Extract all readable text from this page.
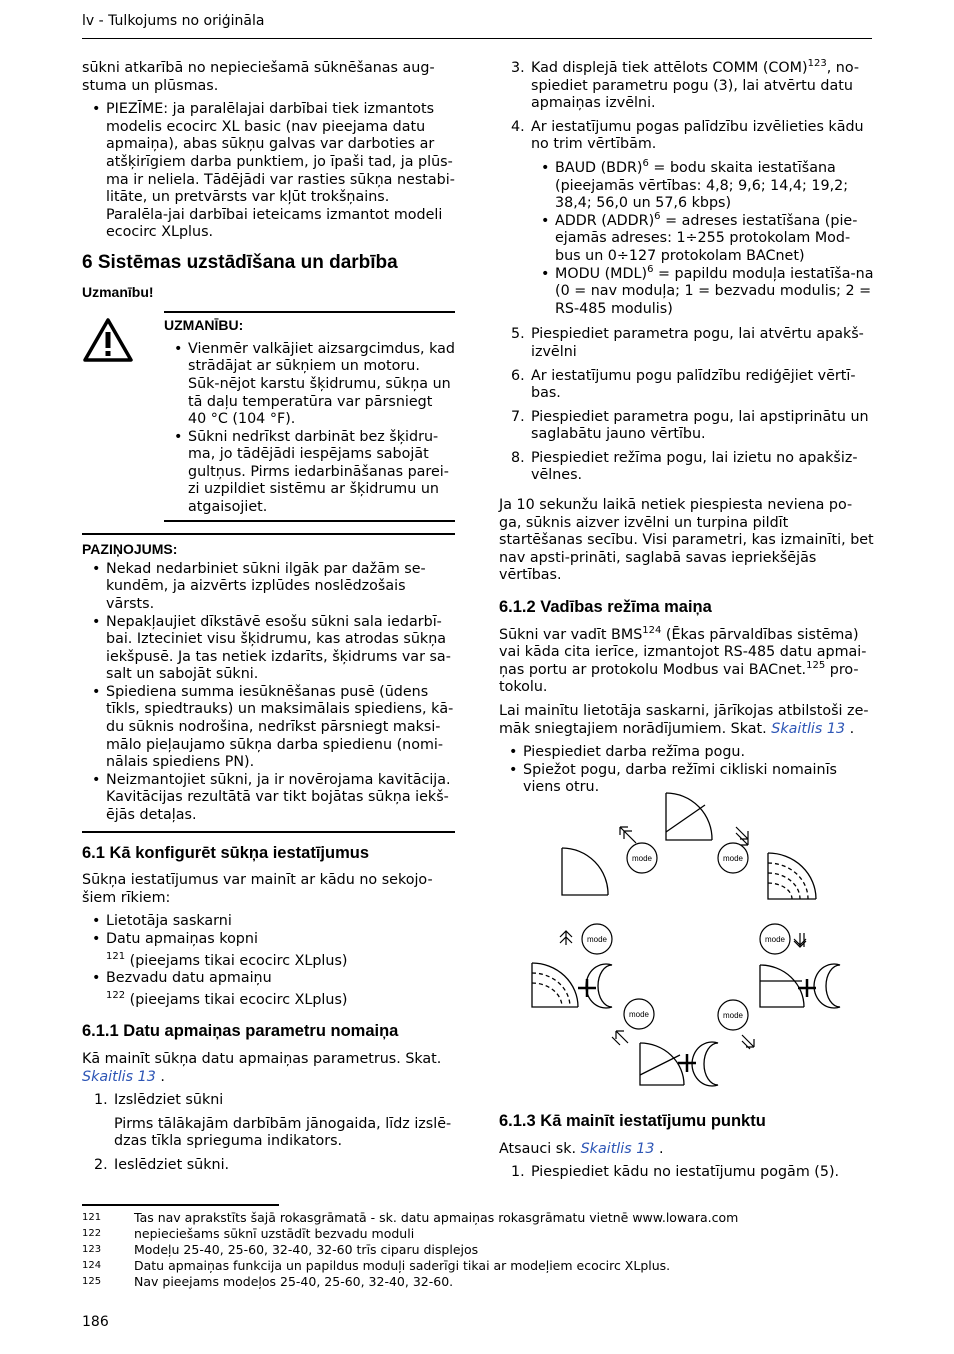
lv - Tulkojums no oriģināla

sūkni atkarībā no nepieciešamā sūknēšanas aug-stuma un plūsmas.

• PIEZĪME: ja paralēlajai darbībai tiek izmantots modelis ecocirc XL basic (nav pieejama datu apmaiņa), abas sūkņu galvas var darboties ar atšķirīgiem darba punktiem, jo īpaši tad, ja plūs-ma ir neliela. Tādējādi var rasties sūkņa nestabi-litāte, un pretvārsts var kļūt trokšņains. Paralēla-jai darbībai ieteicams izmantot modeli ecocirc XLplus.
6 Sistēmas uzstādīšana un darbība
Uzmanību!
UZMANĪBU:
• Vienmēr valkājiet aizsargcimdus, kad strādājat ar sūkņiem un motoru. Sūk-nējot karstu šķidrumu, sūkņa un tā daļu temperatūra var pārsniegt 40 °C (104 °F).
• Sūkni nedrīkst darbināt bez šķidru-ma, jo tādējādi iespējams sabojāt gultņus. Pirms iedarbināšanas parei-zi uzpildiet sistēmu ar šķidrumu un atgaisojiet.
PAZIŅOJUMS:
• Nekad nedarbiniet sūkni ilgāk par dažām se-kundēm, ja aizvērts izplūdes noslēdzošais vārsts.
• Nepakļaujiet dīkstāvē esošu sūkni sala iedarbī-bai. Izteciniet visu šķidrumu, kas atrodas sūkņa iekšpusē. Ja tas netiek izdarīts, šķidrums var sa-salt un sabojāt sūkni.
• Spiediena summa iesūknēšanas pusē (ūdens tīkls, spiedtrauks) un maksimālais spiediens, kā-du sūknis nodrošina, nedrīkst pārsniegt maksi-mālo pieļaujamo sūkņa darba spiedienu (nomi-nālais spiediens PN).
• Neizmantojiet sūkni, ja ir novērojama kavitācija. Kavitācijas rezultātā var tikt bojātas sūkņa iekš-ējās detaļas.
6.1 Kā konfigurēt sūkņa iestatījumus

Sūkņa iestatījumus var mainīt ar kādu no sekojo-šiem rīkiem:

• Lietotāja saskarni
• Datu apmaiņas kopni
$^{121}$ (pieejams tikai ecocirc XLplus)
• Bezvadu datu apmaiņu
$^{122}$ (pieejams tikai ecocirc XLplus)
6.1.1 Datu apmaiņas parametru nomaiņa

Kā mainīt sūkņa datu apmaiņas parametrus. Skat. Skaitlis 13 .

1. Izslēdziet sūkni
Pirms tālākajām darbībām jānogaida, līdz izslē-dzas tīkla sprieguma indikators.
2. Ieslēdziet sūkni.
3. Kad displejā tiek attēlots COMM (COM)$^{123}$, no-spiediet parametru pogu (3), lai atvērtu datu apmaiņas izvēlni.
4. Ar iestatījumu pogas palīdzību izvēlieties kādu no trim vērtībām.
• BAUD (BDR)$^6$ = bodu skaita iestatīšana (pieejamās vērtības: 4,8; 9,6; 14,4; 19,2; 38,4; 56,0 un 57,6 kbps)
• ADDR (ADDR)$^6$ = adreses iestatīšana (pie-ejamās adreses: 1÷255 protokolam Mod-bus un 0÷127 protokolam BACnet)
• MODU (MDL)$^6$ = papildu moduļa iestatīša-na (0 = nav moduļa; 1 = bezvadu modulis; 2 = RS-485 modulis)
5. Piespiediet parametra pogu, lai atvērtu apakš-izvēlni
6. Ar iestatījumu pogu palīdzību rediģējiet vērtī-bas.
7. Piespiediet parametra pogu, lai apstiprinātu un saglabātu jauno vērtību.
8. Piespiediet režīma pogu, lai izietu no apakšiz-vēlnes.

Ja 10 sekunžu laikā netiek piespiesta neviena po-ga, sūknis aizver izvēlni un turpina pildīt startēšanas secību. Visi parametri, kas izmainīti, bet nav apsti-prināti, saglabā savas iepriekšējās vērtības.

6.1.2 Vadības režīma maiņa

Sūkni var vadīt BMS$^{124}$ (Ēkas pārvaldības sistēma) vai kāda cita ierīce, izmantojot RS-485 datu apmai-ņas portu ar protokolu Modbus vai BACnet.$^{125}$ pro-tokolu.

Lai mainītu lietotāja saskarni, jārīkojas atbilstoši ze-māk sniegtajiem norādījumiem. Skat. Skaitlis 13 .

• Piespiediet darba režīma pogu.
• Spiežot pogu, darba režīmi cikliski nomainīs viens otru.
mode	mode
mode	mode
mode	mode
6.1.3 Kā mainīt iestatījumu punktu

Atsauci sk. Skaitlis 13 .

1. Piespiediet kādu no iestatījumu pogām (5).
121	Tas nav aprakstīts šajā rokasgrāmatā - sk. datu apmaiņas rokasgrāmatu vietnē www.lowara.com
122	nepieciešams sūknī uzstādīt bezvadu moduli
123	Modeļu 25-40, 25-60, 32-40, 32-60 trīs ciparu displejos
124	Datu apmaiņas funkcija un papildus moduļi saderīgi tikai ar modeļiem ecocirc XLplus.
125	Nav pieejams modeļos 25-40, 25-60, 32-40, 32-60.
186
